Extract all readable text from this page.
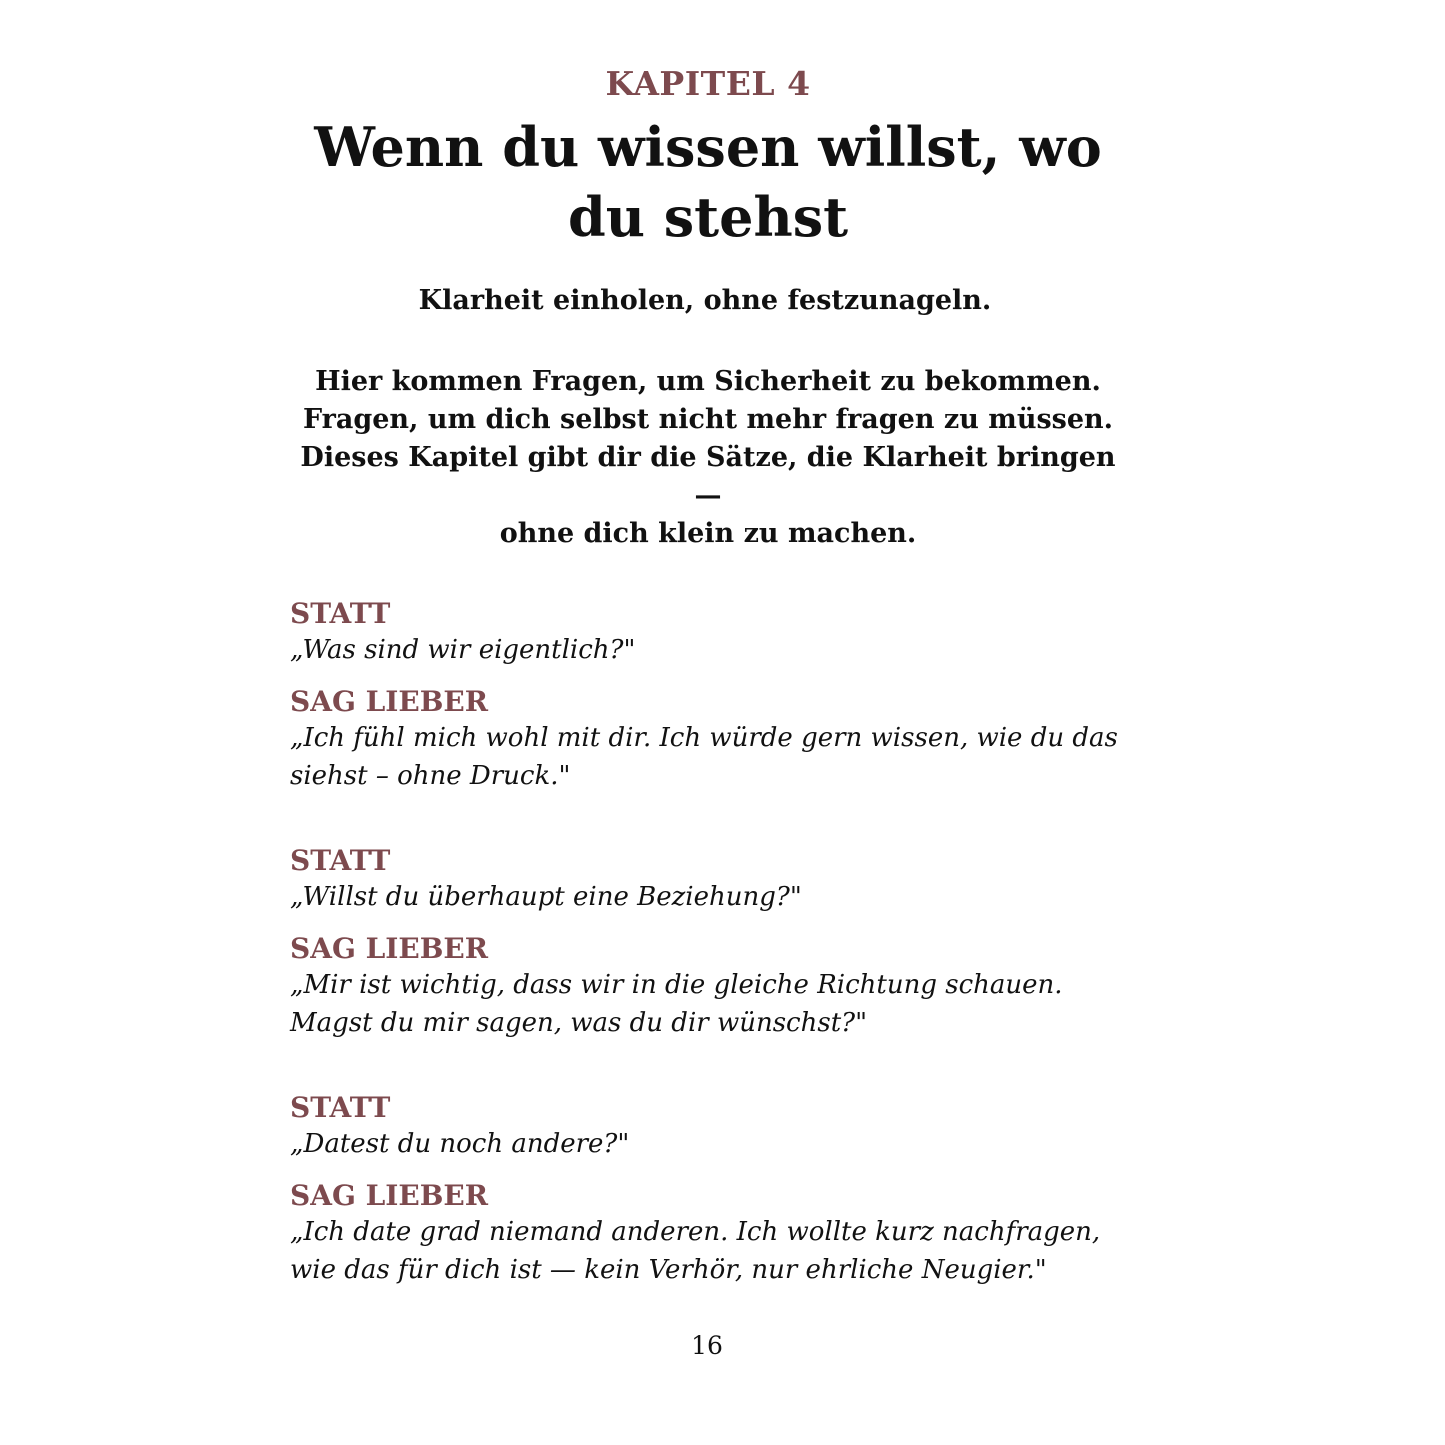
KAPITEL 4
Wenn du wissen willst, wo du stehst

Klarheit einholen, ohne festzunageln.

Hier kommen Fragen, um Sicherheit zu bekommen.
Fragen, um dich selbst nicht mehr fragen zu müssen.
Dieses Kapitel gibt dir die Sätze, die Klarheit bringen —
ohne dich klein zu machen.

STATT

„Was sind wir eigentlich?"

SAG LIEBER

„Ich fühl mich wohl mit dir. Ich würde gern wissen, wie du das siehst – ohne Druck."

STATT

„Willst du überhaupt eine Beziehung?"

SAG LIEBER

„Mir ist wichtig, dass wir in die gleiche Richtung schauen. Magst du mir sagen, was du dir wünschst?"

STATT

„Datest du noch andere?"

SAG LIEBER

„Ich date grad niemand anderen. Ich wollte kurz nachfragen, wie das für dich ist — kein Verhör, nur ehrliche Neugier."

16
